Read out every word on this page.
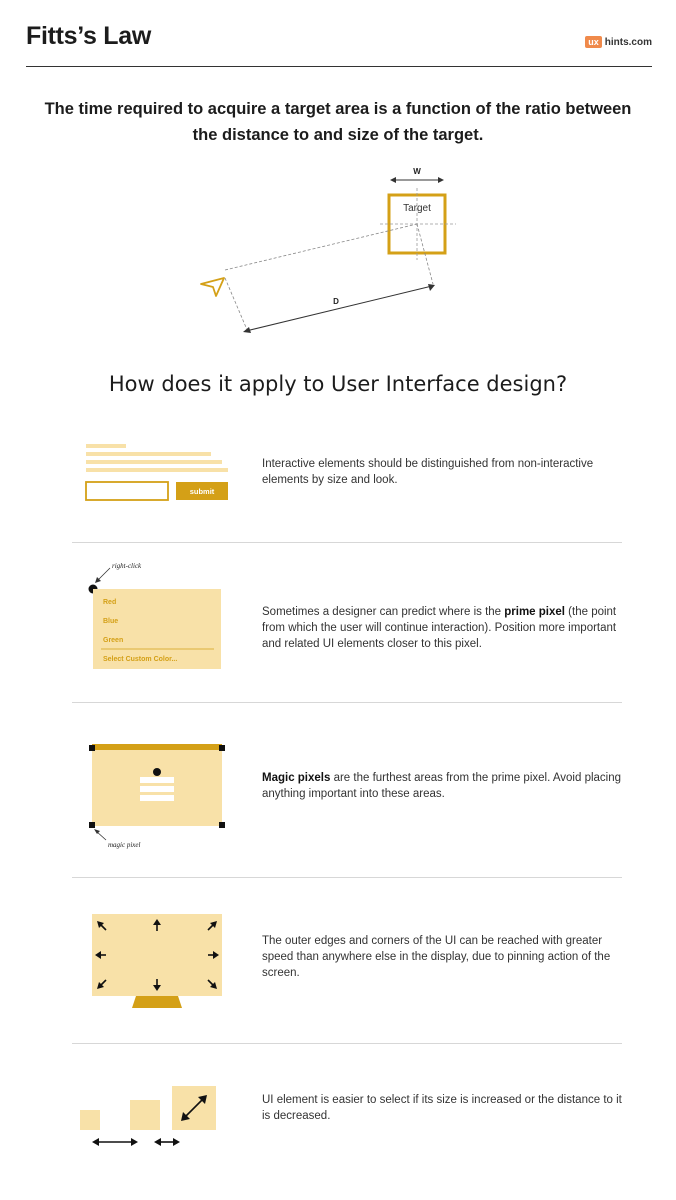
Fitts’s Law	ux hints.com
The time required to acquire a target area is a function of the ratio between the distance to and size of the target.
W
Target
D
How does it apply to User Interface design?
submit
Interactive elements should be distinguished from non-interactive elements by size and look.
right-click
Red
Blue
Green
Select Custom Color...
Sometimes a designer can predict where is the prime pixel (the point from which the user will continue interaction). Position more important and related UI elements closer to this pixel.
magic pixel
Magic pixels are the furthest areas from the prime pixel. Avoid placing anything important into these areas.
The outer edges and corners of the UI can be reached with greater speed than anywhere else in the display, due to pinning action of the screen.
UI element is easier to select if its size is increased or the distance to it is decreased.
